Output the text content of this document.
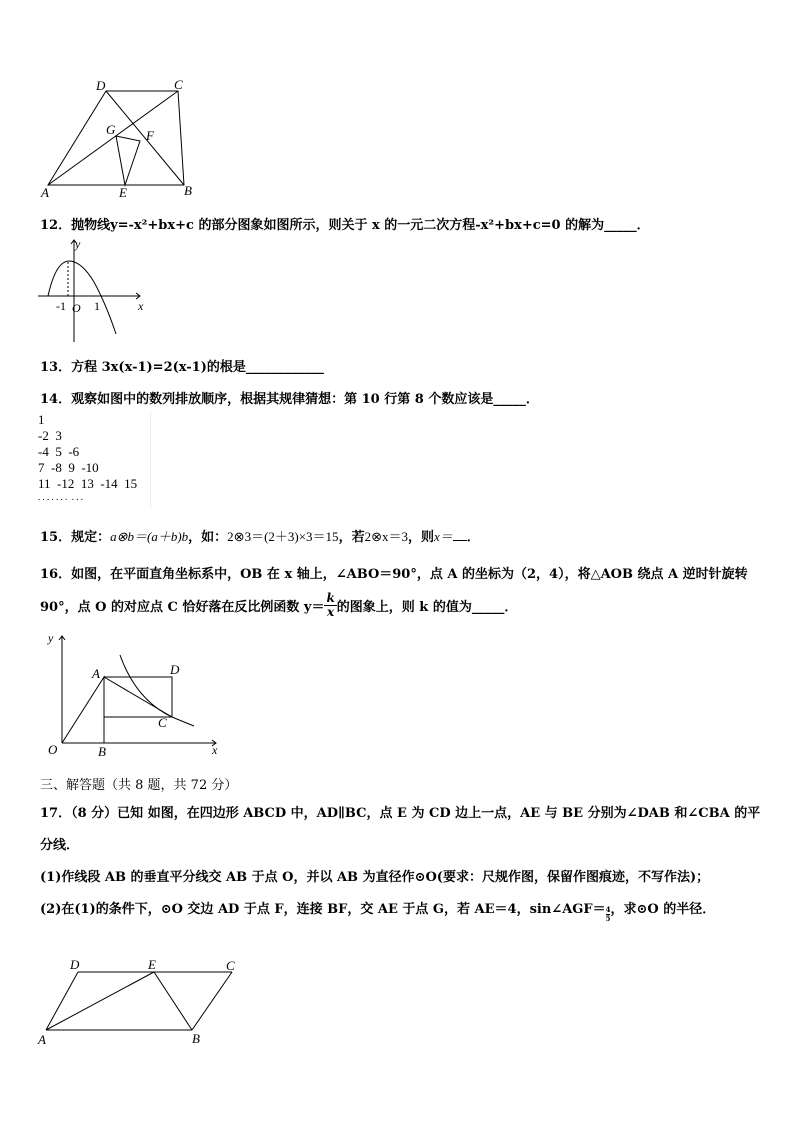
D	C
G F
A	E	B
12．抛物线y=-x²+bx+c 的部分图象如图所示，则关于 x 的一元二次方程-x²+bx+c=0 的解为_____．
y
x
-1 O 1
13．方程 3x(x-1)=2(x-1)的根是____________
14．观察如图中的数列排放顺序，根据其规律猜想：第 10 行第 8 个数应该是_____．
1
-2  3
-4  5  -6
7  -8  9  -10
11  -12  13  -14  15
. . . . . . .  . . .
15．规定：a⊗b＝(a＋b)b，如：2⊗3＝(2＋3)×3＝15，若2⊗x＝3，则x＝ ．
16．如图，在平面直角坐标系中，OB 在 x 轴上，∠ABO＝90°，点 A 的坐标为（2，4），将△AOB 绕点 A 逆时针旋转
90°，点 O 的对应点 C 恰好落在反比例函数 $y= \frac{k}{x}$ 的图象上，则 k 的值为_____．
y
x
A	D
C
O	B
三、解答题（共 8 题，共 72 分）
17．（8 分）已知 如图，在四边形 ABCD 中，AD∥BC，点 E 为 CD 边上一点，AE 与 BE 分别为∠DAB 和∠CBA 的平
分线．
(1)作线段 AB 的垂直平分线交 AB 于点 O，并以 AB 为直径作⊙O(要求：尺规作图，保留作图痕迹，不写作法)；
(2)在(1)的条件下，⊙O 交边 AD 于点 F，连接 BF，交 AE 于点 G，若 AE＝4，sin∠AGF＝ $\frac{4}{5}$ ，求⊙O 的半径．
D	E	C
A	B
